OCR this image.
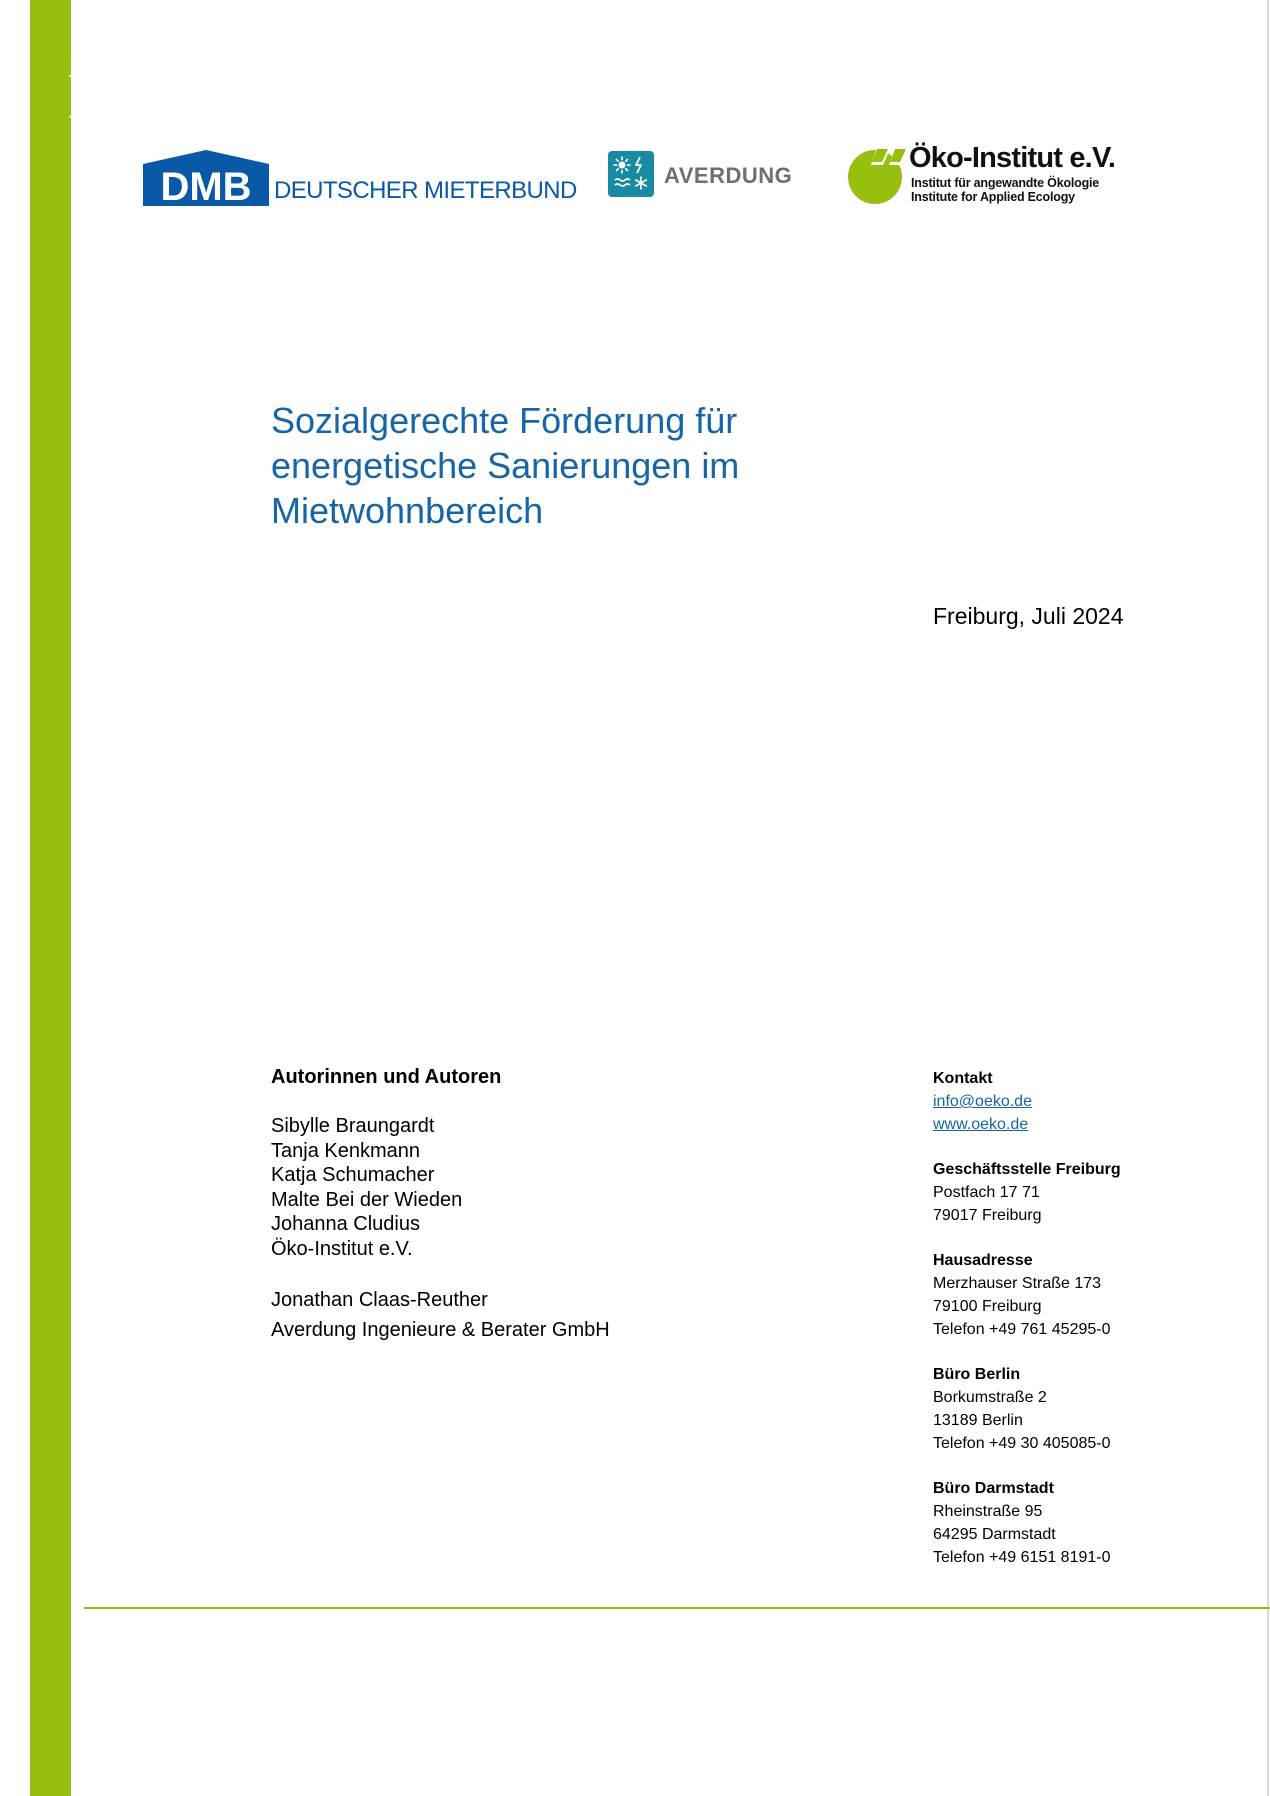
www.oeko.de DMB DEUTSCHER MIETERBUND
AVERDUNG
Öko-Institut e.V.
Institut für angewandte Ökologie
Institute for Applied Ecology
Sozialgerechte Förderung für
energetische Sanierungen im
Mietwohnbereich
Freiburg, Juli 2024
Autorinnen und Autoren
Sibylle Braungardt
Tanja Kenkmann
Katja Schumacher
Malte Bei der Wieden
Johanna Cludius
Öko-Institut e.V.
Jonathan Claas-Reuther
Averdung Ingenieure & Berater GmbH
Kontakt
info@oeko.de
www.oeko.de
Geschäftsstelle Freiburg
Postfach 17 71
79017 Freiburg
Hausadresse
Merzhauser Straße 173
79100 Freiburg
Telefon +49 761 45295-0
Büro Berlin
Borkumstraße 2
13189 Berlin
Telefon +49 30 405085-0
Büro Darmstadt
Rheinstraße 95
64295 Darmstadt
Telefon +49 6151 8191-0
